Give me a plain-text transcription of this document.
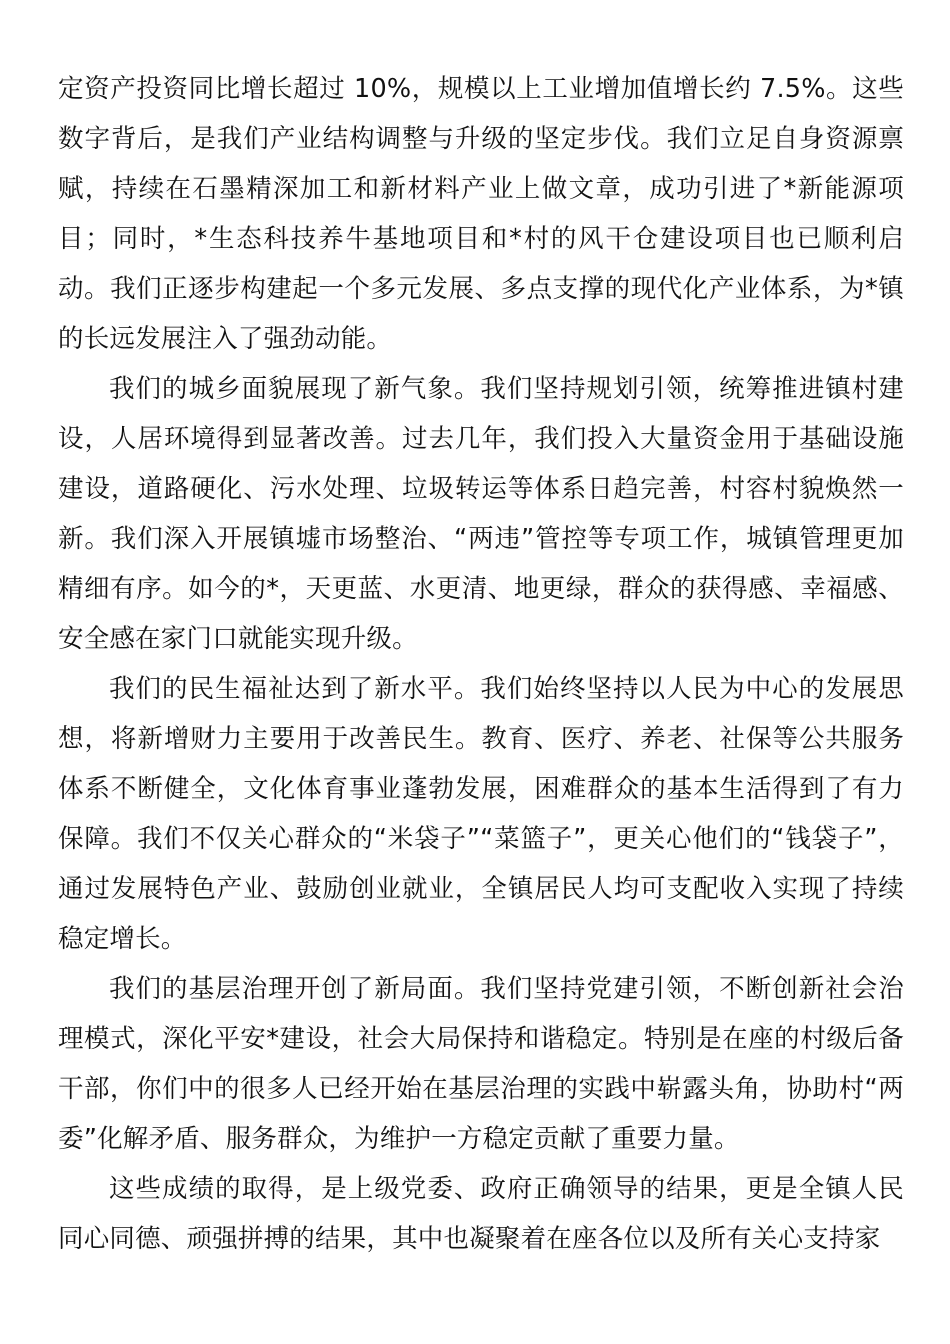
定资产投资同比增长超过 10%，规模以上工业增加值增长约 7.5%。这些数字背后，是我们产业结构调整与升级的坚定步伐。我们立足自身资源禀赋，持续在石墨精深加工和新材料产业上做文章，成功引进了*新能源项目；同时，*生态科技养牛基地项目和*村的风干仓建设项目也已顺利启动。我们正逐步构建起一个多元发展、多点支撑的现代化产业体系，为*镇的长远发展注入了强劲动能。

我们的城乡面貌展现了新气象。我们坚持规划引领，统筹推进镇村建设，人居环境得到显著改善。过去几年，我们投入大量资金用于基础设施建设，道路硬化、污水处理、垃圾转运等体系日趋完善，村容村貌焕然一新。我们深入开展镇墟市场整治、“两违”管控等专项工作，城镇管理更加精细有序。如今的*，天更蓝、水更清、地更绿，群众的获得感、幸福感、安全感在家门口就能实现升级。

我们的民生福祉达到了新水平。我们始终坚持以人民为中心的发展思想，将新增财力主要用于改善民生。教育、医疗、养老、社保等公共服务体系不断健全，文化体育事业蓬勃发展，困难群众的基本生活得到了有力保障。我们不仅关心群众的“米袋子”“菜篮子”，更关心他们的“钱袋子”，通过发展特色产业、鼓励创业就业，全镇居民人均可支配收入实现了持续稳定增长。

我们的基层治理开创了新局面。我们坚持党建引领，不断创新社会治理模式，深化平安*建设，社会大局保持和谐稳定。特别是在座的村级后备干部，你们中的很多人已经开始在基层治理的实践中崭露头角，协助村“两委”化解矛盾、服务群众，为维护一方稳定贡献了重要力量。

这些成绩的取得，是上级党委、政府正确领导的结果，更是全镇人民同心同德、顽强拼搏的结果，其中也凝聚着在座各位以及所有关心支持家
